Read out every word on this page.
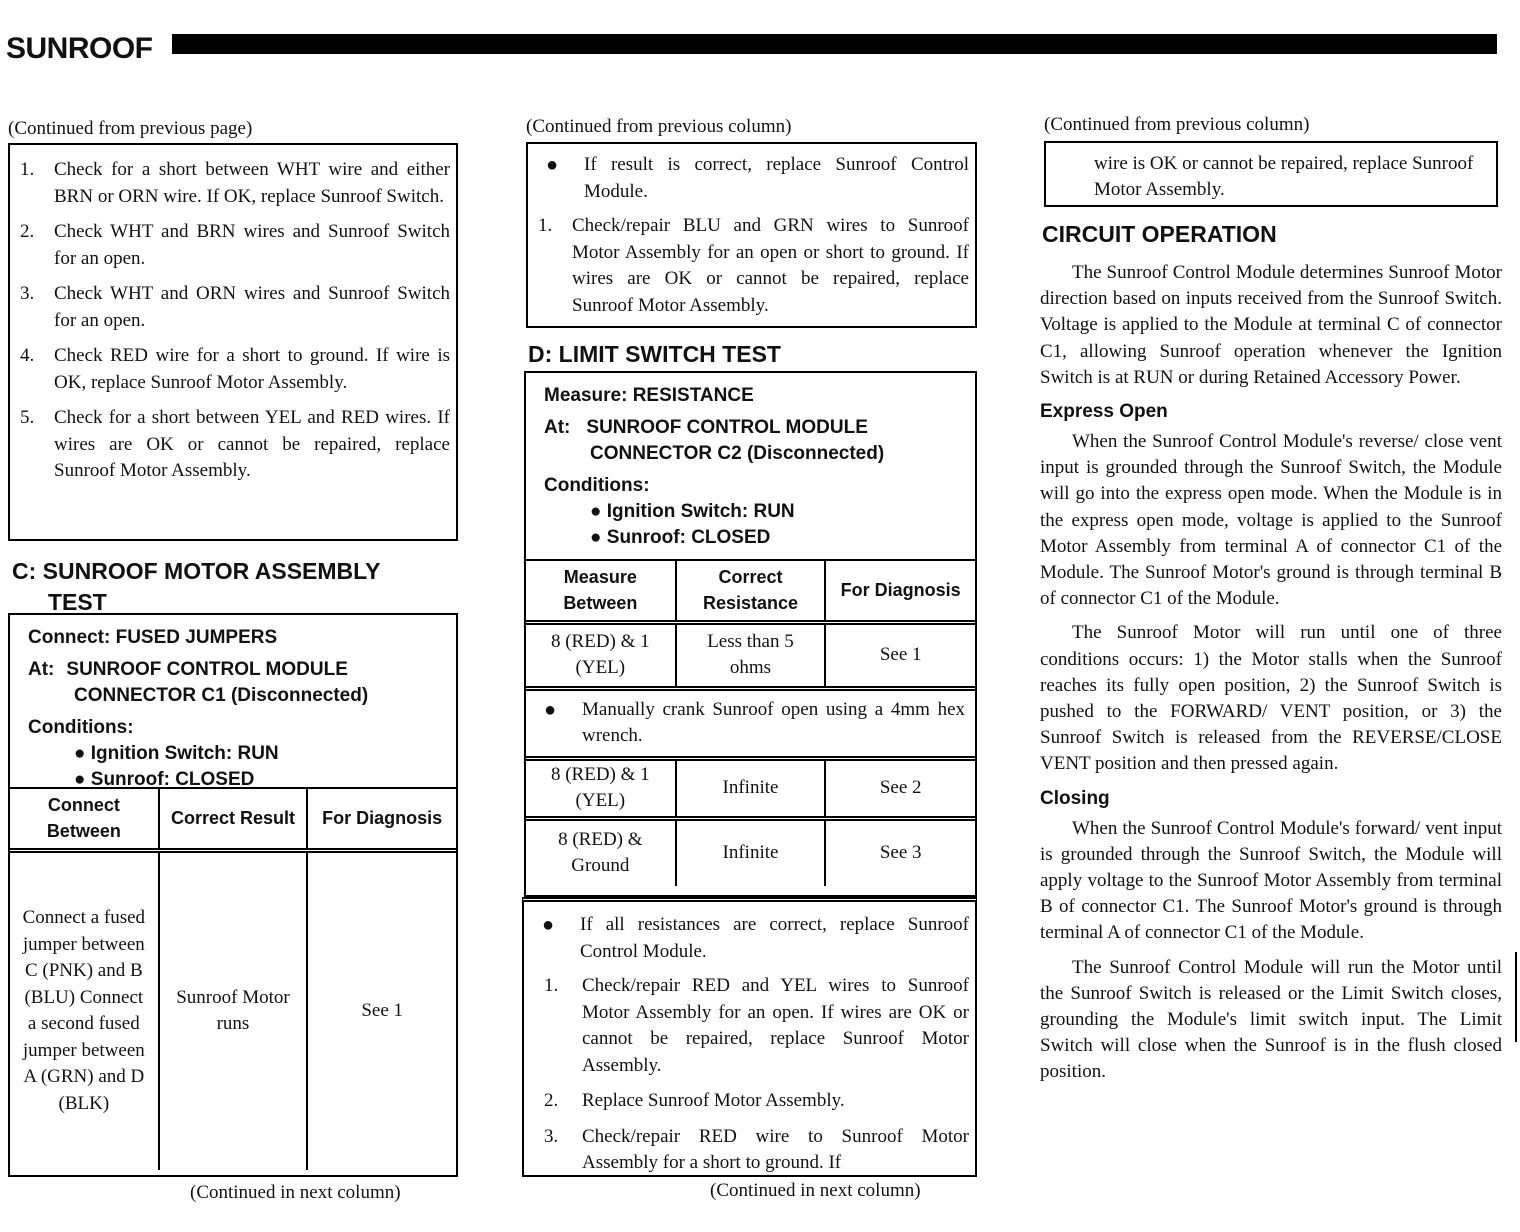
SUNROOF
(Continued from previous page)
1. Check for a short between WHT wire and either BRN or ORN wire. If OK, replace Sunroof Switch.
2. Check WHT and BRN wires and Sunroof Switch for an open.
3. Check WHT and ORN wires and Sunroof Switch for an open.
4. Check RED wire for a short to ground. If wire is OK, replace Sunroof Motor Assembly.
5. Check for a short between YEL and RED wires. If wires are OK or cannot be repaired, replace Sunroof Motor Assembly.
C: SUNROOF MOTOR ASSEMBLY
TEST
Connect: FUSED JUMPERS
At: SUNROOF CONTROL MODULE
CONNECTOR C1 (Disconnected)
Conditions:
● Ignition Switch: RUN
● Sunroof: CLOSED
Connect Between	Correct Result	For Diagnosis
Connect a fused jumper between C (PNK) and B (BLU) Connect a second fused jumper between A (GRN) and D (BLK)	Sunroof Motor runs	See 1
(Continued in next column)
(Continued from previous column)
● If result is correct, replace Sunroof Control Module.
1. Check/repair BLU and GRN wires to Sunroof Motor Assembly for an open or short to ground. If wires are OK or cannot be repaired, replace Sunroof Motor Assembly.
D: LIMIT SWITCH TEST
Measure: RESISTANCE
At: SUNROOF CONTROL MODULE
CONNECTOR C2 (Disconnected)
Conditions:
● Ignition Switch: RUN
● Sunroof: CLOSED
Measure Between	Correct Resistance	For Diagnosis
8 (RED) & 1 (YEL)	Less than 5 ohms	See 1

● Manually crank Sunroof open using a 4mm hex wrench.		

8 (RED) & 1 (YEL)	Infinite	See 2
8 (RED) & Ground	Infinite	See 3
● If all resistances are correct, replace Sunroof Control Module.
1. Check/repair RED and YEL wires to Sunroof Motor Assembly for an open. If wires are OK or cannot be repaired, replace Sunroof Motor Assembly.
2. Replace Sunroof Motor Assembly.
3. Check/repair RED wire to Sunroof Motor Assembly for a short to ground. If
(Continued in next column)
(Continued from previous column)
wire is OK or cannot be repaired, replace Sunroof Motor Assembly.
CIRCUIT OPERATION

The Sunroof Control Module determines Sunroof Motor direction based on inputs received from the Sunroof Switch. Voltage is applied to the Module at terminal C of connector C1, allowing Sunroof operation whenever the Ignition Switch is at RUN or during Retained Accessory Power.

Express Open

When the Sunroof Control Module's reverse/ close vent input is grounded through the Sunroof Switch, the Module will go into the express open mode. When the Module is in the express open mode, voltage is applied to the Sunroof Motor Assembly from terminal A of connector C1 of the Module. The Sunroof Motor's ground is through terminal B of connector C1 of the Module.

The Sunroof Motor will run until one of three conditions occurs: 1) the Motor stalls when the Sunroof reaches its fully open position, 2) the Sunroof Switch is pushed to the FORWARD/ VENT position, or 3) the Sunroof Switch is released from the REVERSE/CLOSE VENT position and then pressed again.

Closing

When the Sunroof Control Module's forward/ vent input is grounded through the Sunroof Switch, the Module will apply voltage to the Sunroof Motor Assembly from terminal B of connector C1. The Sunroof Motor's ground is through terminal A of connector C1 of the Module.

The Sunroof Control Module will run the Motor until the Sunroof Switch is released or the Limit Switch closes, grounding the Module's limit switch input. The Limit Switch will close when the Sunroof is in the flush closed position.
